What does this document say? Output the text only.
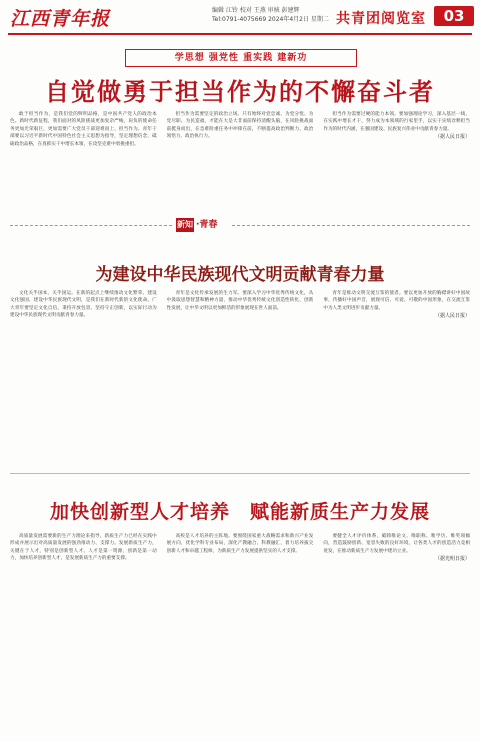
江西青年报	编辑 江铃 校对 王燕 审核 彭建辉
Tel:0791-4075669 2024年4月2日 星期二 共青团阅览室	03
学思想 强党性 重实践 建新功
自觉做勇于担当作为的不懈奋斗者
敢于担当作为，是我们党的鲜明品格，是中国共产党人的政治本色。新时代新征程，我们面对的风险挑战更加复杂严峻，肩负的使命任务更加光荣艰巨，更加需要广大党员干部迎难而上、担当作为。青年干部要以习近平新时代中国特色社会主义思想为指导，坚定理想信念，砥砺政治品格，在真抓实干中增长本领，在攻坚克难中勇挑重担。
担当作为需要坚定的政治立场。只有始终对党忠诚、为党分忧、为党尽职、为民造福，才能在大是大非面前保持清醒头脑，在风险挑战面前挺身而出，在急难险重任务中冲锋在前，不断提高政治判断力、政治领悟力、政治执行力。
担当作为需要过硬的能力本领。要加强理论学习，深入基层一线，在实践中增长才干，努力成为本领域的行家里手，以实干实绩诠释担当作为的时代内涵，在强国建设、民族复兴伟业中贡献青春力量。
（据人民日报）
新知 ·青春
为建设中华民族现代文明贡献青春力量
文化关乎国本，关乎国运。在新的起点上继续推动文化繁荣、建设文化强国、建设中华民族现代文明，是我们在新时代新的文化使命。广大青年要坚定文化自信，秉持开放包容，坚持守正创新，以实际行动为建设中华民族现代文明贡献青春力量。
青年是文化传承发展的生力军。要深入学习中华优秀传统文化，从中汲取思想智慧和精神力量，推动中华优秀传统文化创造性转化、创新性发展，让中华文明以更加鲜活的形象展现在世人面前。
青年是推动文明交流互鉴的使者。要以更加开放的胸襟讲好中国故事，传播好中国声音，展现可信、可爱、可敬的中国形象，在交流互鉴中为人类文明进步贡献力量。
（据人民日报）
加快创新型人才培养　赋能新质生产力发展
高质量发展需要新的生产力理论来指导，新质生产力已经在实践中形成并展示出对高质量发展的强劲推动力、支撑力。发展新质生产力，关键在于人才，特别是创新型人才。人才是第一资源，创新是第一动力，加快培养创新型人才，是发展新质生产力的重要支撑。
高校是人才培养的主阵地。要围绕国家重大战略需求和新兴产业发展方向，优化学科专业布局，深化产教融合、科教融汇，着力培养拔尖创新人才和卓越工程师，为新质生产力发展提供坚实的人才支撑。
要健全人才评价体系，破除唯论文、唯职称、唯学历、唯奖项倾向，营造鼓励创新、宽容失败的良好环境，让各类人才的创造活力竞相迸发，在推动新质生产力发展中建功立业。
（据光明日报）
